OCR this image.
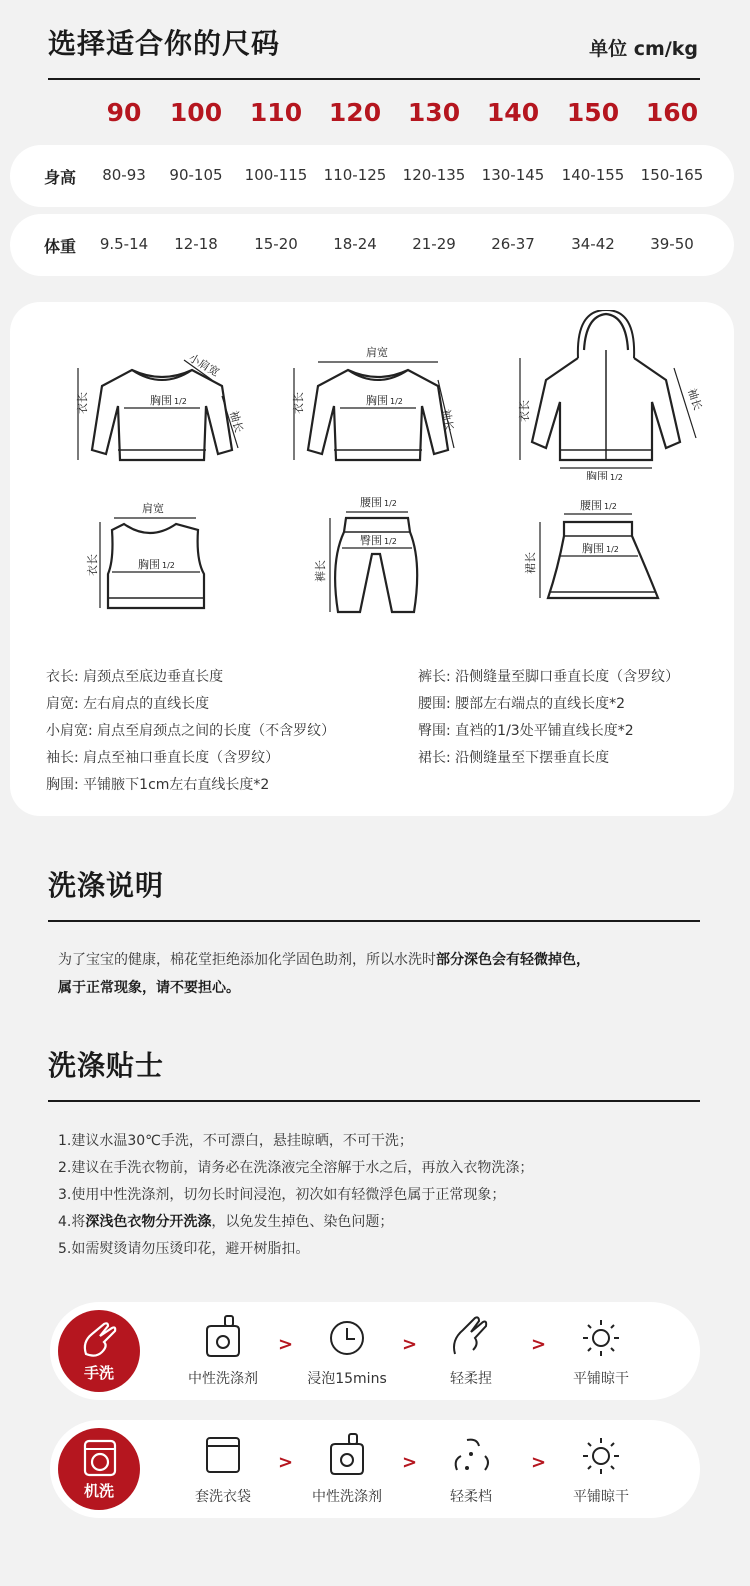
选择适合你的尺码	单位 cm/kg
90	100	110	120	130	140	150	160
身高	80-93	90-105	100-115	110-125	120-135	130-145	140-155	150-165
体重	9.5-14	12-18	15-20	18-24	21-29	26-37	34-42	39-50
衣长	胸围 1/2
小肩宽
袖长
衣长	胸围 1/2
肩宽
袖长	衣长
胸围 1/2
袖长
肩宽
衣长	胸围 1/2
腰围 1/2
臀围 1/2
裤长
腰围 1/2
胸围 1/2
裙长
衣长: 肩颈点至底边垂直长度
肩宽: 左右肩点的直线长度
小肩宽: 肩点至肩颈点之间的长度（不含罗纹）
袖长: 肩点至袖口垂直长度（含罗纹）
胸围: 平铺腋下1cm左右直线长度*2
裤长: 沿侧缝量至脚口垂直长度（含罗纹）
腰围: 腰部左右端点的直线长度*2
臀围: 直裆的1/3处平铺直线长度*2
裙长: 沿侧缝量至下摆垂直长度
洗涤说明
为了宝宝的健康，棉花堂拒绝添加化学固色助剂，所以水洗时部分深色会有轻微掉色，
属于正常现象，请不要担心。
洗涤贴士
1.建议水温30℃手洗，不可漂白，悬挂晾晒，不可干洗；
2.建议在手洗衣物前，请务必在洗涤液完全溶解于水之后，再放入衣物洗涤；
3.使用中性洗涤剂，切勿长时间浸泡，初次如有轻微浮色属于正常现象；
4.将深浅色衣物分开洗涤，以免发生掉色、染色问题；
5.如需熨烫请勿压烫印花，避开树脂扣。
手洗	中性洗涤剂
>
浸泡15mins
>
轻柔捏
>
平铺晾干
机洗	套洗衣袋
>
中性洗涤剂
>
轻柔档
>
平铺晾干
